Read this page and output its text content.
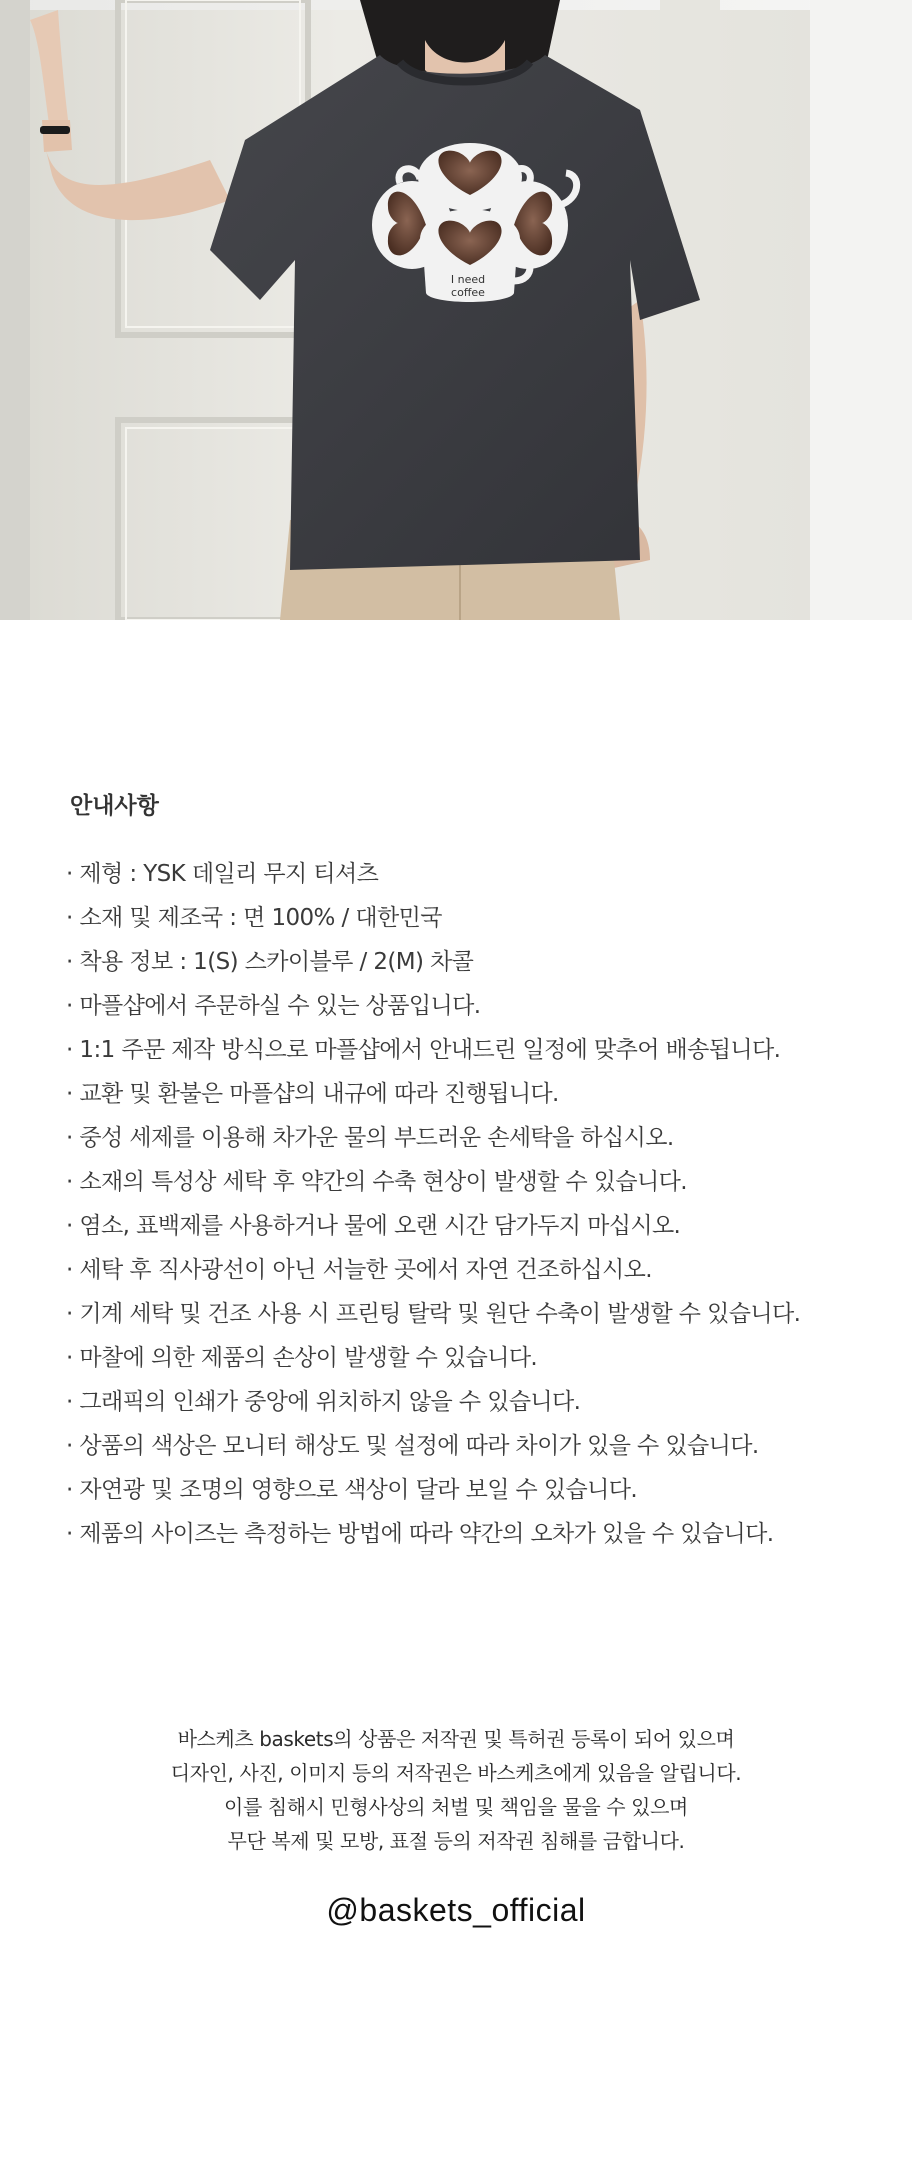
I need
coffee
안내사항
· 제형 : YSK 데일리 무지 티셔츠
· 소재 및 제조국 : 면 100% / 대한민국
· 착용 정보 : 1(S) 스카이블루 / 2(M) 차콜
· 마플샵에서 주문하실 수 있는 상품입니다.
· 1:1 주문 제작 방식으로 마플샵에서 안내드린 일정에 맞추어 배송됩니다.
· 교환 및 환불은 마플샵의 내규에 따라 진행됩니다.
· 중성 세제를 이용해 차가운 물의 부드러운 손세탁을 하십시오.
· 소재의 특성상 세탁 후 약간의 수축 현상이 발생할 수 있습니다.
· 염소, 표백제를 사용하거나 물에 오랜 시간 담가두지 마십시오.
· 세탁 후 직사광선이 아닌 서늘한 곳에서 자연 건조하십시오.
· 기계 세탁 및 건조 사용 시 프린팅 탈락 및 원단 수축이 발생할 수 있습니다.
· 마찰에 의한 제품의 손상이 발생할 수 있습니다.
· 그래픽의 인쇄가 중앙에 위치하지 않을 수 있습니다.
· 상품의 색상은 모니터 해상도 및 설정에 따라 차이가 있을 수 있습니다.
· 자연광 및 조명의 영향으로 색상이 달라 보일 수 있습니다.
· 제품의 사이즈는 측정하는 방법에 따라 약간의 오차가 있을 수 있습니다.
바스케츠 baskets의 상품은 저작권 및 특허권 등록이 되어 있으며
디자인, 사진, 이미지 등의 저작권은 바스케츠에게 있음을 알립니다.
이를 침해시 민형사상의 처벌 및 책임을 물을 수 있으며
무단 복제 및 모방, 표절 등의 저작권 침해를 금합니다.
@baskets_official
